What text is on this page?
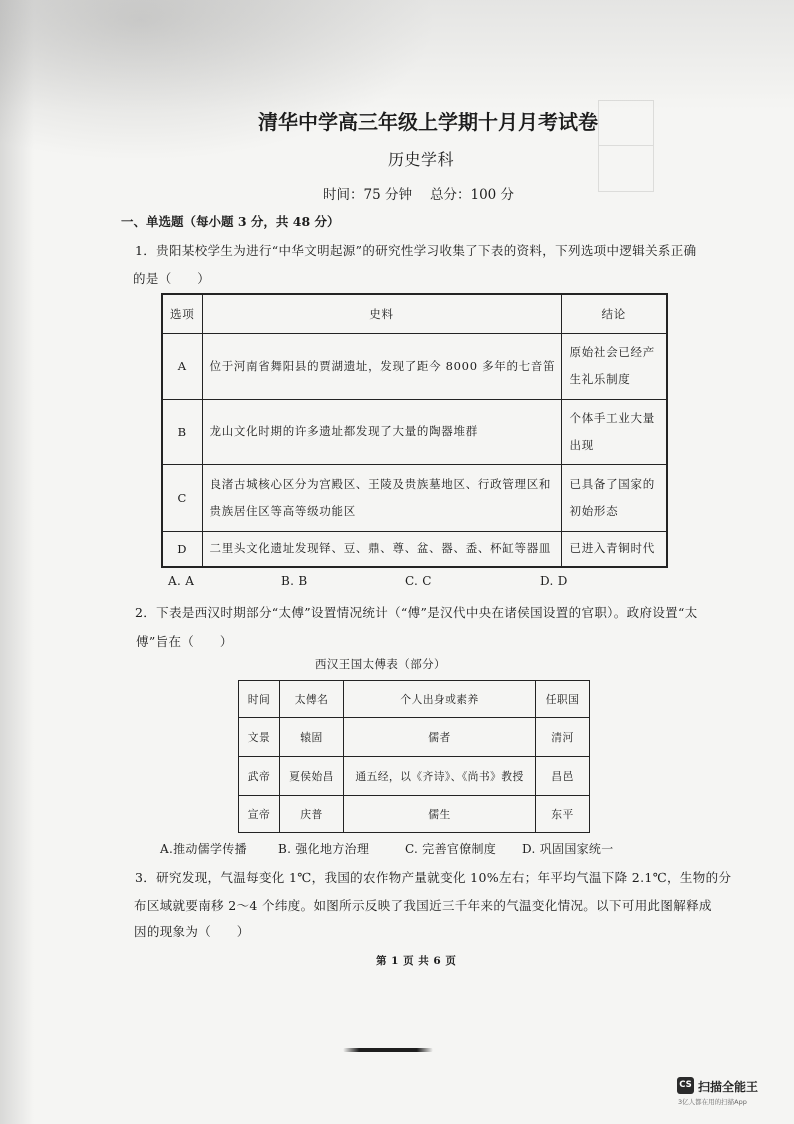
清华中学高三年级上学期十月月考试卷
历史学科
时间：75 分钟 总分：100 分
一、单选题（每小题 3 分，共 48 分）
1．贵阳某校学生为进行“中华文明起源”的研究性学习收集了下表的资料，下列选项中逻辑关系正确
的是（　　）
选项	史料	结论
A	位于河南省舞阳县的贾湖遗址，发现了距今 8000 多年的七音笛	原始社会已经产
生礼乐制度

B	龙山文化时期的许多遗址都发现了大量的陶器堆群	个体手工业大量
出现

C	良渚古城核心区分为宫殿区、王陵及贵族墓地区、行政管理区和
贵族居住区等高等级功能区	已具备了国家的
初始形态

D	二里头文化遗址发现铎、豆、鼎、尊、盆、器、盉、杯缸等器皿	已进入青铜时代
A. A	B. B	C. C	D. D
2．下表是西汉时期部分“太傅”设置情况统计（“傅”是汉代中央在诸侯国设置的官职）。政府设置“太
傅”旨在（　　）
西汉王国太傅表（部分）
时间	太傅名	个人出身或素养	任职国
文景	辕固	儒者	清河
武帝	夏侯始昌	通五经，以《齐诗》、《尚书》教授	昌邑
宣帝	庆普	儒生	东平
A.推动儒学传播	B. 强化地方治理	C. 完善官僚制度 D. 巩固国家统一
3．研究发现，气温每变化 1℃，我国的农作物产量就变化 10%左右；年平均气温下降 2.1℃，生物的分
布区域就要南移 2～4 个纬度。如图所示反映了我国近三千年来的气温变化情况。以下可用此图解释成
因的现象为（　　）
第 1 页 共 6 页
CS 扫描全能王
3亿人都在用的扫描App
